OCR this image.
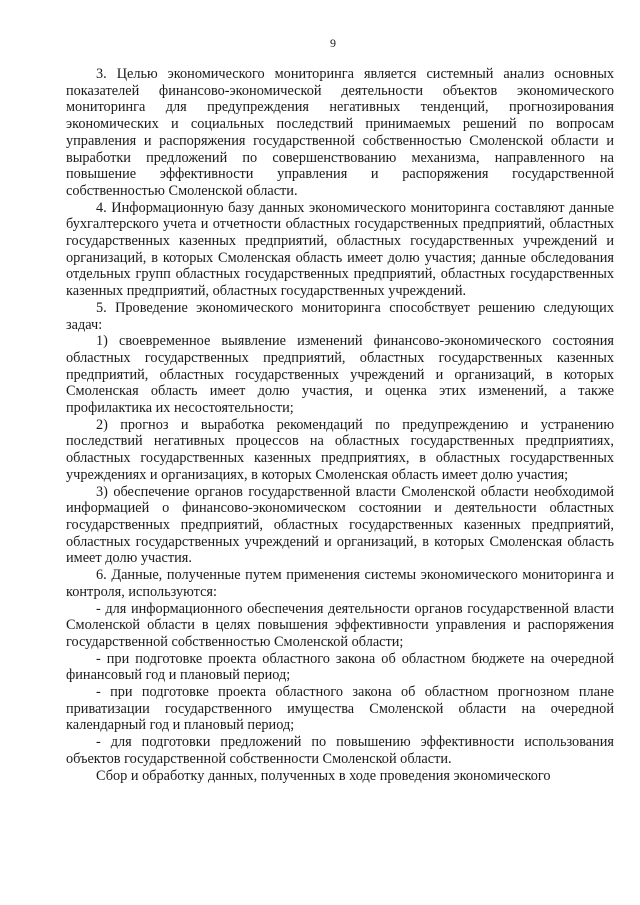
9

3. Целью экономического мониторинга является системный анализ основных показателей финансово-экономической деятельности объектов экономического мониторинга для предупреждения негативных тенденций, прогнозирования экономических и социальных последствий принимаемых решений по вопросам управления и распоряжения государственной собственностью Смоленской области и выработки предложений по совершенствованию механизма, направленного на повышение эффективности управления и распоряжения государственной собственностью Смоленской области.

4. Информационную базу данных экономического мониторинга составляют данные бухгалтерского учета и отчетности областных государственных предприятий, областных государственных казенных предприятий, областных государственных учреждений и организаций, в которых Смоленская область имеет долю участия; данные обследования отдельных групп областных государственных предприятий, областных государственных казенных предприятий, областных государственных учреждений.

5. Проведение экономического мониторинга способствует решению следующих задач:

1) своевременное выявление изменений финансово-экономического состояния областных государственных предприятий, областных государственных казенных предприятий, областных государственных учреждений и организаций, в которых Смоленская область имеет долю участия, и оценка этих изменений, а также профилактика их несостоятельности;

2) прогноз и выработка рекомендаций по предупреждению и устранению последствий негативных процессов на областных государственных предприятиях, областных государственных казенных предприятиях, в областных государственных учреждениях и организациях, в которых Смоленская область имеет долю участия;

3) обеспечение органов государственной власти Смоленской области необходимой информацией о финансово-экономическом состоянии и деятельности областных государственных предприятий, областных государственных казенных предприятий, областных государственных учреждений и организаций, в которых Смоленская область имеет долю участия.

6. Данные, полученные путем применения системы экономического мониторинга и контроля, используются:

- для информационного обеспечения деятельности органов государственной власти Смоленской области в целях повышения эффективности управления и распоряжения государственной собственностью Смоленской области;

- при подготовке проекта областного закона об областном бюджете на очередной финансовый год и плановый период;

- при подготовке проекта областного закона об областном прогнозном плане приватизации государственного имущества Смоленской области на очередной календарный год и плановый период;

- для подготовки предложений по повышению эффективности использования объектов государственной собственности Смоленской области.

Сбор и обработку данных, полученных в ходе проведения экономического
